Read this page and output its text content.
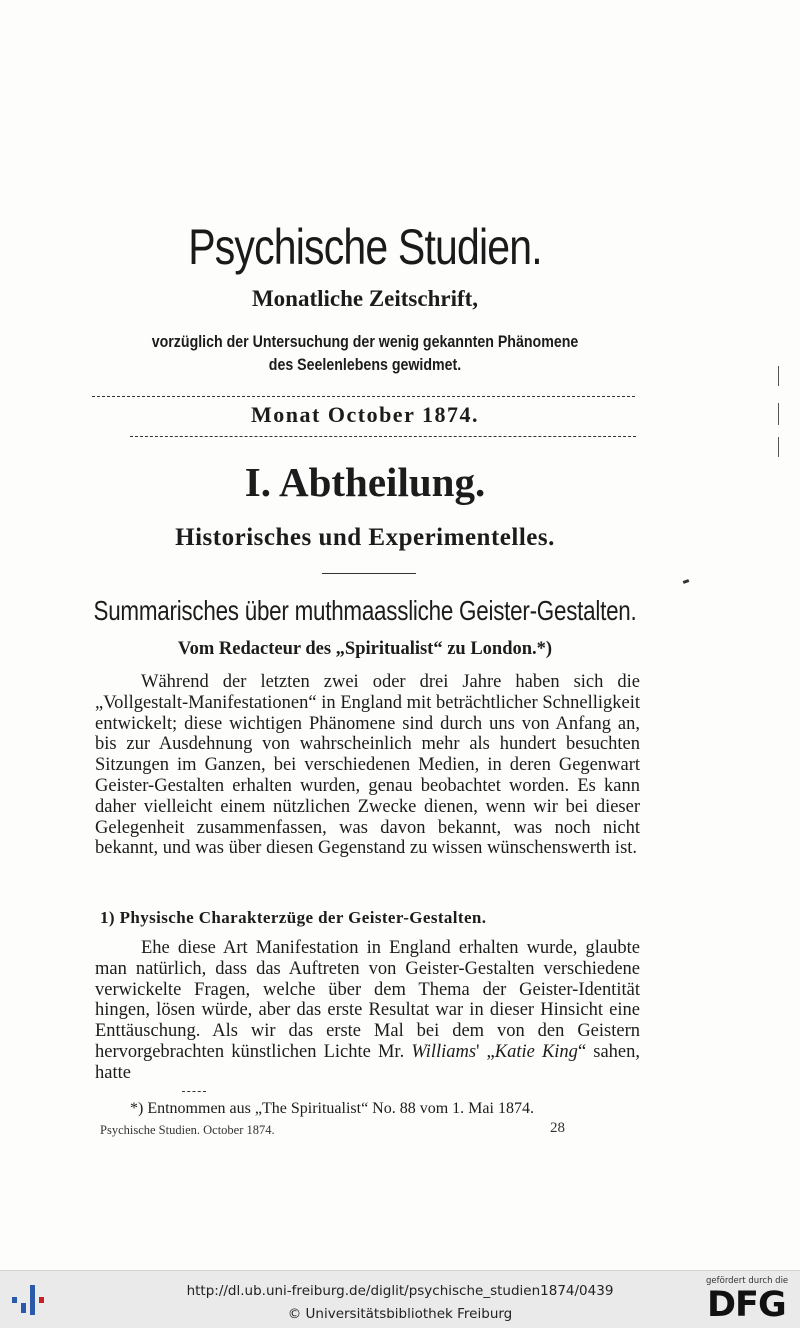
Psychische Studien.
Monatliche Zeitschrift,
vorzüglich der Untersuchung der wenig gekannten Phänomene
des Seelenlebens gewidmet.
Monat October 1874.
I. Abtheilung.
Historisches und Experimentelles.
Summarisches über muthmaassliche Geister-Gestalten.
Vom Redacteur des „Spiritualist“ zu London.*)

Während der letzten zwei oder drei Jahre haben sich die „Vollgestalt-Manifestationen“ in England mit beträchtlicher Schnelligkeit entwickelt; diese wichtigen Phänomene sind durch uns von Anfang an, bis zur Ausdehnung von wahrscheinlich mehr als hundert besuchten Sitzungen im Ganzen, bei verschiedenen Medien, in deren Gegenwart Geister-Gestalten erhalten wurden, genau beobachtet worden. Es kann daher vielleicht einem nützlichen Zwecke dienen, wenn wir bei dieser Gelegenheit zusammenfassen, was davon bekannt, was noch nicht bekannt, und was über diesen Gegenstand zu wissen wünschenswerth ist.

1) Physische Charakterzüge der Geister-Gestalten.

Ehe diese Art Manifestation in England erhalten wurde, glaubte man natürlich, dass das Auftreten von Geister-Gestalten verschiedene verwickelte Fragen, welche über dem Thema der Geister-Identität hingen, lösen würde, aber das erste Resultat war in dieser Hinsicht eine Enttäuschung. Als wir das erste Mal bei dem von den Geistern hervorgebrachten künstlichen Lichte Mr. Williams' „Katie King“ sahen, hatte

*) Entnommen aus „The Spiritualist“ No. 88 vom 1. Mai 1874.
Psychische Studien. October 1874.	28
http://dl.ub.uni-freiburg.de/diglit/psychische_studien1874/0439
© Universitätsbibliothek Freiburg
gefördert durch die
DFG
